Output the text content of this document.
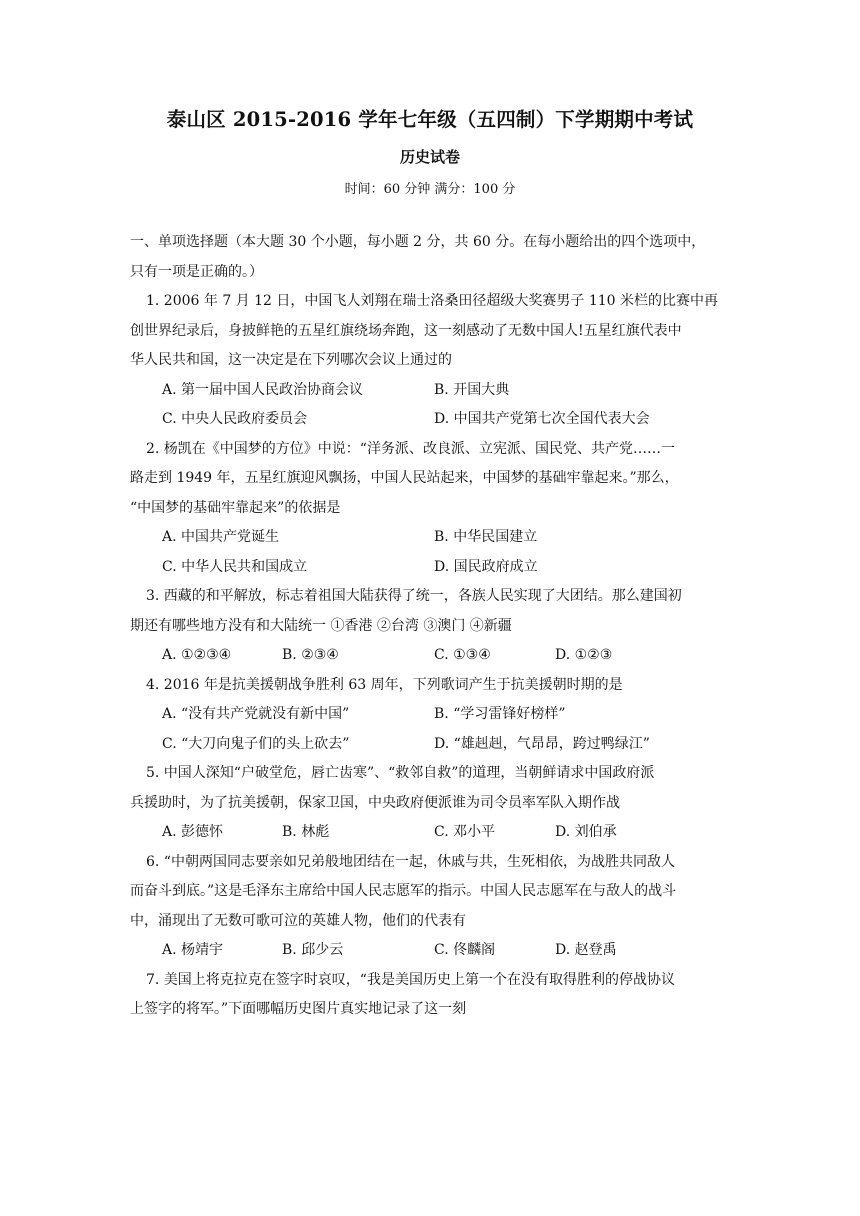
泰山区 2015-2016 学年七年级（五四制）下学期期中考试
历史试卷
时间：60 分钟 满分：100 分
一、单项选择题（本大题 30 个小题，每小题 2 分，共 60 分。在每小题给出的四个选项中，
只有一项是正确的。）
1. 2006 年 7 月 12 日，中国飞人刘翔在瑞士洛桑田径超级大奖赛男子 110 米栏的比赛中再
创世界纪录后，身披鲜艳的五星红旗绕场奔跑，这一刻感动了无数中国人!五星红旗代表中
华人民共和国，这一决定是在下列哪次会议上通过的
A. 第一届中国人民政治协商会议	B. 开国大典
C. 中央人民政府委员会	D. 中国共产党第七次全国代表大会
2. 杨凯在《中国梦的方位》中说：“洋务派、改良派、立宪派、国民党、共产党……一
路走到 1949 年，五星红旗迎风飘扬，中国人民站起来，中国梦的基础牢靠起来。”那么，
“中国梦的基础牢靠起来”的依据是
A. 中国共产党诞生	B. 中华民国建立
C. 中华人民共和国成立	D. 国民政府成立
3. 西藏的和平解放，标志着祖国大陆获得了统一，各族人民实现了大团结。那么建国初
期还有哪些地方没有和大陆统一 ①香港 ②台湾 ③澳门 ④新疆
A. ①②③④	B. ②③④	C. ①③④	D. ①②③
4. 2016 年是抗美援朝战争胜利 63 周年，下列歌词产生于抗美援朝时期的是
A. “没有共产党就没有新中国”	B. “学习雷锋好榜样”
C. “大刀向鬼子们的头上砍去”	D. “雄赳赳，气昂昂，跨过鸭绿江”
5. 中国人深知“户破堂危，唇亡齿寒”、“救邻自救”的道理，当朝鲜请求中国政府派
兵援助时，为了抗美援朝，保家卫国，中央政府便派谁为司令员率军队入期作战
A. 彭德怀	B. 林彪	C. 邓小平	D. 刘伯承
6. “中朝两国同志要亲如兄弟般地团结在一起，休戚与共，生死相依，为战胜共同敌人
而奋斗到底。”这是毛泽东主席给中国人民志愿军的指示。中国人民志愿军在与敌人的战斗
中，涌现出了无数可歌可泣的英雄人物，他们的代表有
A. 杨靖宇	B. 邱少云	C. 佟麟阁	D. 赵登禹
7. 美国上将克拉克在签字时哀叹，“我是美国历史上第一个在没有取得胜利的停战协议
上签字的将军。”下面哪幅历史图片真实地记录了这一刻
